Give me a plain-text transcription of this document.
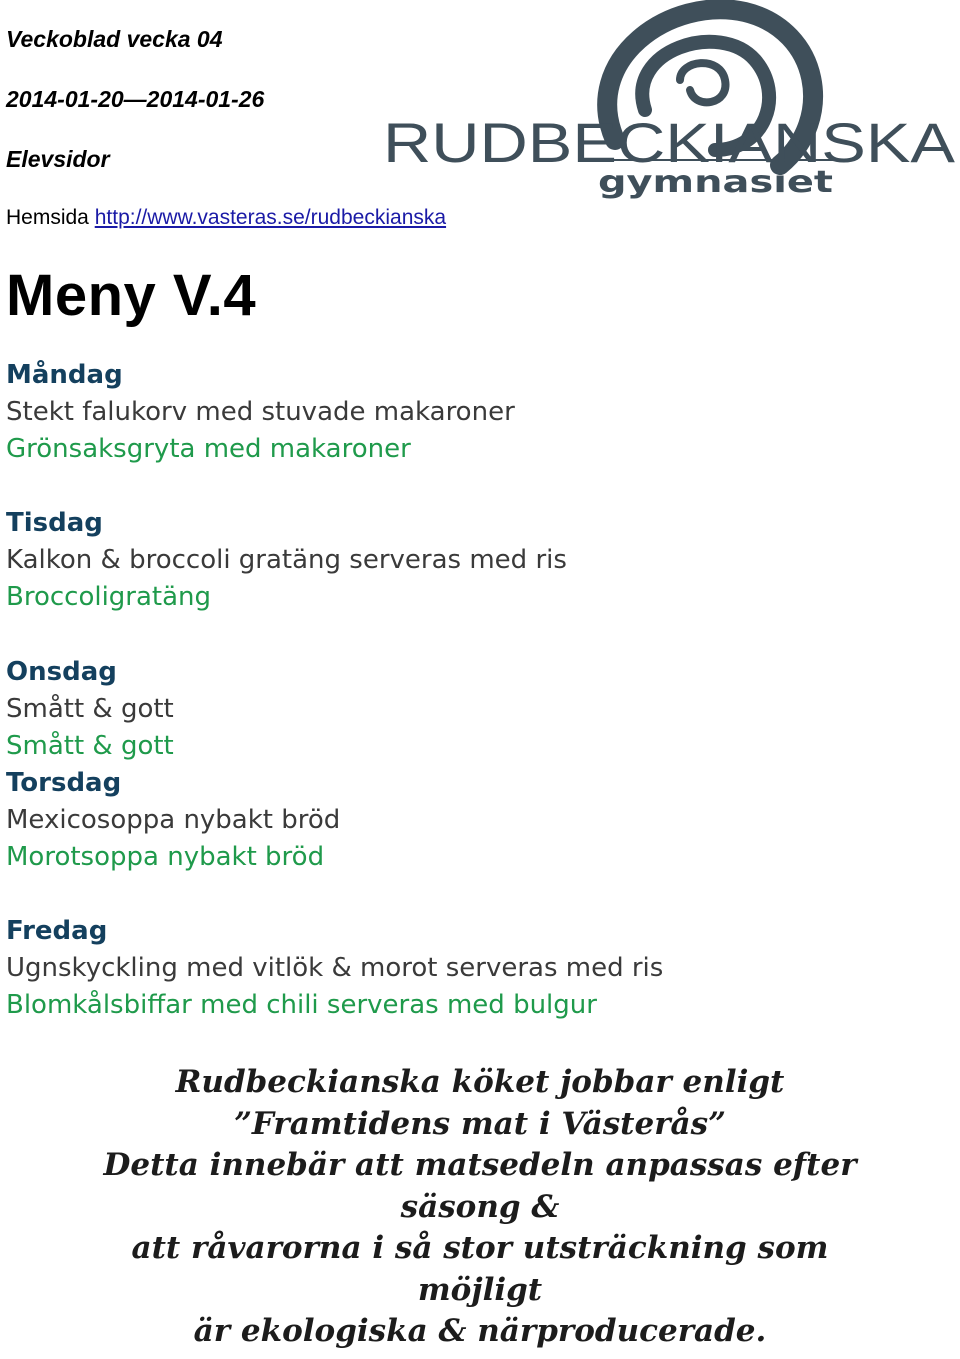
Veckoblad vecka 04
2014-01-20—2014-01-26
Elevsidor
Hemsida http://www.vasteras.se/rudbeckianska
RUDBECKIANSKA
gymnasiet
Meny V.4
Måndag
Stekt falukorv med stuvade makaroner
Grönsaksgryta med makaroner
Tisdag
Kalkon & broccoli gratäng serveras med ris
Broccoligratäng
Onsdag
Smått & gott
Smått & gott
Torsdag
Mexicosoppa nybakt bröd
Morotsoppa nybakt bröd
Fredag
Ugnskyckling med vitlök & morot serveras med ris
Blomkålsbiffar med chili serveras med bulgur
Rudbeckianska köket jobbar enligt
”Framtidens mat i Västerås”
Detta innebär att matsedeln anpassas efter
säsong &
att råvarorna i så stor utsträckning som
möjligt
är ekologiska & närproducerade.
